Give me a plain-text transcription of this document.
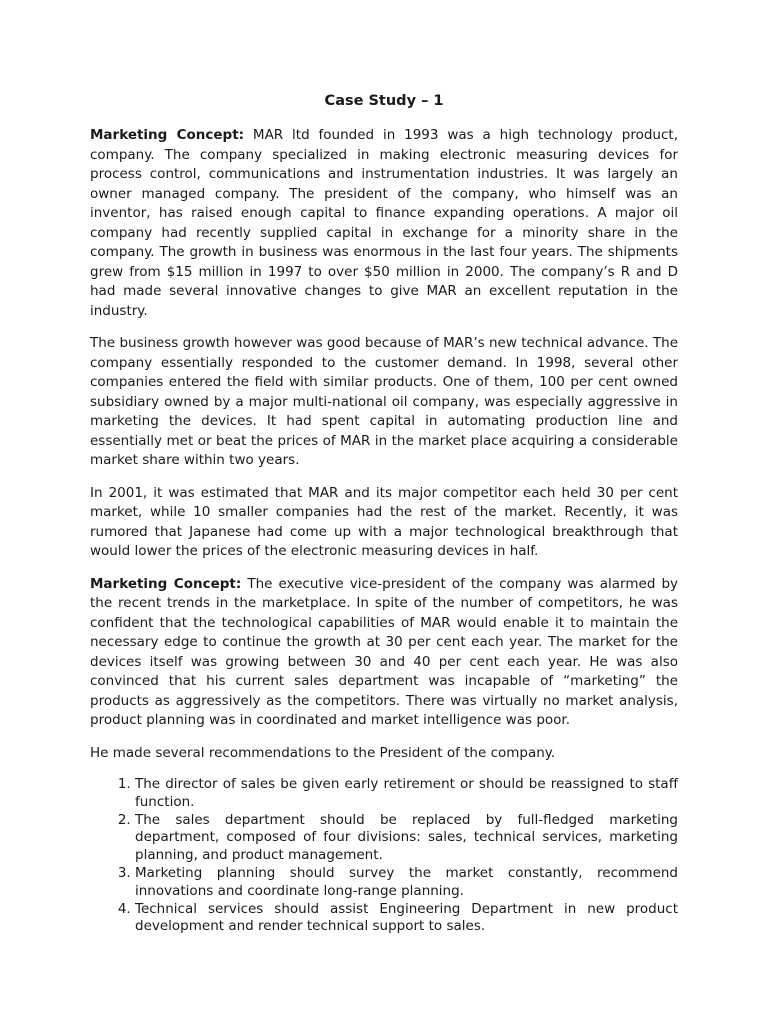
Case Study – 1

Marketing Concept: MAR ltd founded in 1993 was a high technology product, company. The company specialized in making electronic measuring devices for process control, communications and instrumentation industries. It was largely an owner managed company. The president of the company, who himself was an inventor, has raised enough capital to finance expanding operations. A major oil company had recently supplied capital in exchange for a minority share in the company. The growth in business was enormous in the last four years. The shipments grew from $15 million in 1997 to over $50 million in 2000. The company’s R and D had made several innovative changes to give MAR an excellent reputation in the industry.

The business growth however was good because of MAR’s new technical advance. The company essentially responded to the customer demand. In 1998, several other companies entered the field with similar products. One of them, 100 per cent owned subsidiary owned by a major multi-national oil company, was especially aggressive in marketing the devices. It had spent capital in automating production line and essentially met or beat the prices of MAR in the market place acquiring a considerable market share within two years.

In 2001, it was estimated that MAR and its major competitor each held 30 per cent market, while 10 smaller companies had the rest of the market. Recently, it was rumored that Japanese had come up with a major technological breakthrough that would lower the prices of the electronic measuring devices in half.

Marketing Concept: The executive vice-president of the company was alarmed by the recent trends in the marketplace. In spite of the number of competitors, he was confident that the technological capabilities of MAR would enable it to maintain the necessary edge to continue the growth at 30 per cent each year. The market for the devices itself was growing between 30 and 40 per cent each year. He was also convinced that his current sales department was incapable of “marketing” the products as aggressively as the competitors. There was virtually no market analysis, product planning was in coordinated and market intelligence was poor.

He made several recommendations to the President of the company.

1. The director of sales be given early retirement or should be reassigned to staff function.
2. The sales department should be replaced by full-fledged marketing department, composed of four divisions: sales, technical services, marketing planning, and product management.
3. Marketing planning should survey the market constantly, recommend innovations and coordinate long-range planning.
4. Technical services should assist Engineering Department in new product development and render technical support to sales.
